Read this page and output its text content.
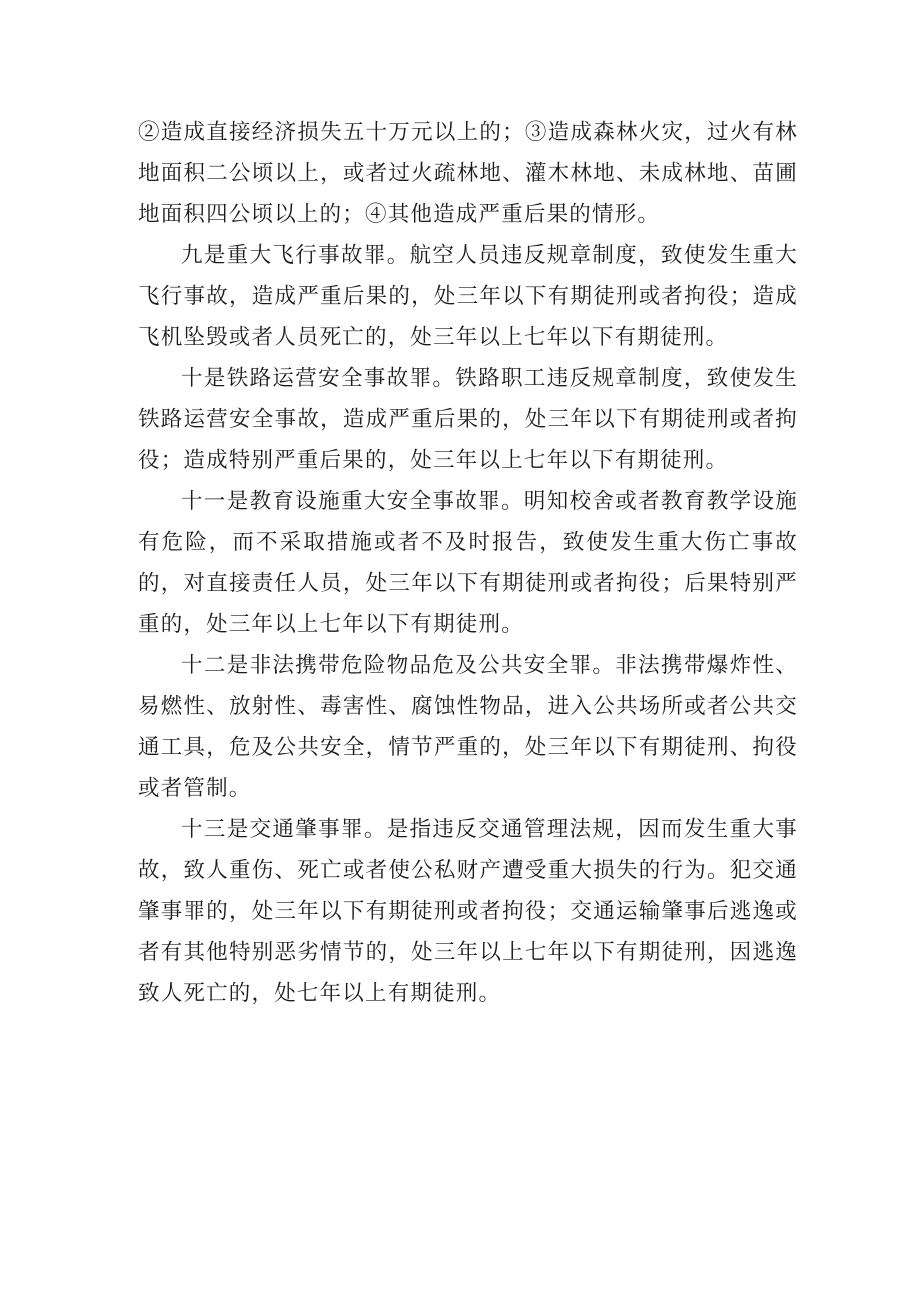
②造成直接经济损失五十万元以上的；③造成森林火灾，过火有林地面积二公顷以上，或者过火疏林地、灌木林地、未成林地、苗圃地面积四公顷以上的；④其他造成严重后果的情形。

九是重大飞行事故罪。航空人员违反规章制度，致使发生重大飞行事故，造成严重后果的，处三年以下有期徒刑或者拘役；造成飞机坠毁或者人员死亡的，处三年以上七年以下有期徒刑。

十是铁路运营安全事故罪。铁路职工违反规章制度，致使发生铁路运营安全事故，造成严重后果的，处三年以下有期徒刑或者拘役；造成特别严重后果的，处三年以上七年以下有期徒刑。

十一是教育设施重大安全事故罪。明知校舍或者教育教学设施有危险，而不采取措施或者不及时报告，致使发生重大伤亡事故的，对直接责任人员，处三年以下有期徒刑或者拘役；后果特别严重的，处三年以上七年以下有期徒刑。

十二是非法携带危险物品危及公共安全罪。非法携带爆炸性、易燃性、放射性、毒害性、腐蚀性物品，进入公共场所或者公共交通工具，危及公共安全，情节严重的，处三年以下有期徒刑、拘役或者管制。

十三是交通肇事罪。是指违反交通管理法规，因而发生重大事故，致人重伤、死亡或者使公私财产遭受重大损失的行为。犯交通肇事罪的，处三年以下有期徒刑或者拘役；交通运输肇事后逃逸或者有其他特别恶劣情节的，处三年以上七年以下有期徒刑，因逃逸致人死亡的，处七年以上有期徒刑。
